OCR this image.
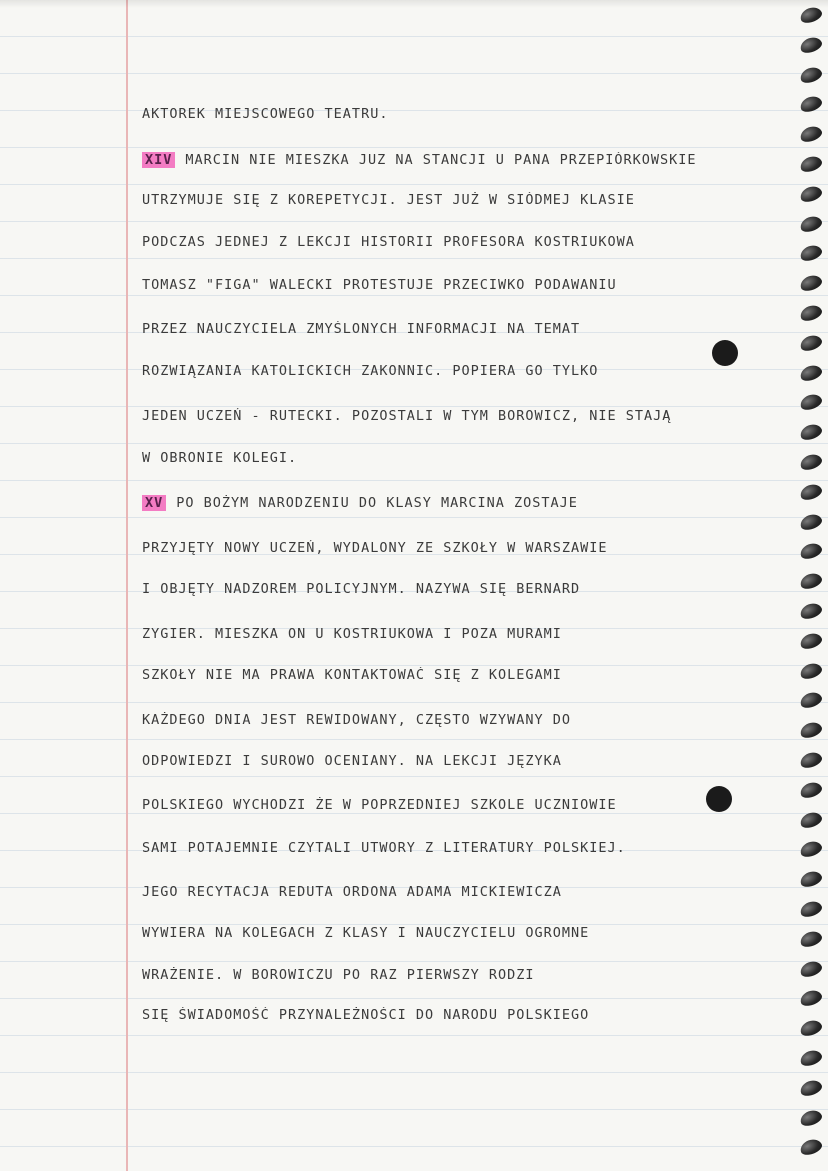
AKTOREK MIEJSCOWEGO TEATRU.
XIV MARCIN NIE MIESZKA JUZ NA STANCJI U PANA PRZEPIÓRKOWSKIE
UTRZYMUJE SIĘ Z KOREPETYCJI. JEST JUŻ W SIÓDMEJ KLASIE
PODCZAS JEDNEJ Z LEKCJI HISTORII PROFESORA KOSTRIUKOWA
TOMASZ "FIGA" WALECKI PROTESTUJE PRZECIWKO PODAWANIU
PRZEZ NAUCZYCIELA ZMYŚLONYCH INFORMACJI NA TEMAT
ROZWIĄZANIA KATOLICKICH ZAKONNIC. POPIERA GO TYLKO
JEDEN UCZEŃ - RUTECKI. POZOSTALI W TYM BOROWICZ, NIE STAJĄ
W OBRONIE KOLEGI.
XV PO BOŻYM NARODZENIU DO KLASY MARCINA ZOSTAJE
PRZYJĘTY NOWY UCZEŃ, WYDALONY ZE SZKOŁY W WARSZAWIE
I OBJĘTY NADZOREM POLICYJNYM. NAZYWA SIĘ BERNARD
ZYGIER. MIESZKA ON U KOSTRIUKOWA I POZA MURAMI
SZKOŁY NIE MA PRAWA KONTAKTOWAĆ SIĘ Z KOLEGAMI
KAŻDEGO DNIA JEST REWIDOWANY, CZĘSTO WZYWANY DO
ODPOWIEDZI I SUROWO OCENIANY. NA LEKCJI JĘZYKA
POLSKIEGO WYCHODZI ŻE W POPRZEDNIEJ SZKOLE UCZNIOWIE
SAMI POTAJEMNIE CZYTALI UTWORY Z LITERATURY POLSKIEJ.
JEGO RECYTACJA REDUTA ORDONA ADAMA MICKIEWICZA
WYWIERA NA KOLEGACH Z KLASY I NAUCZYCIELU OGROMNE
WRAŻENIE. W BOROWICZU PO RAZ PIERWSZY RODZI
SIĘ ŚWIADOMOŚĆ PRZYNALEŻNOŚCI DO NARODU POLSKIEGO
